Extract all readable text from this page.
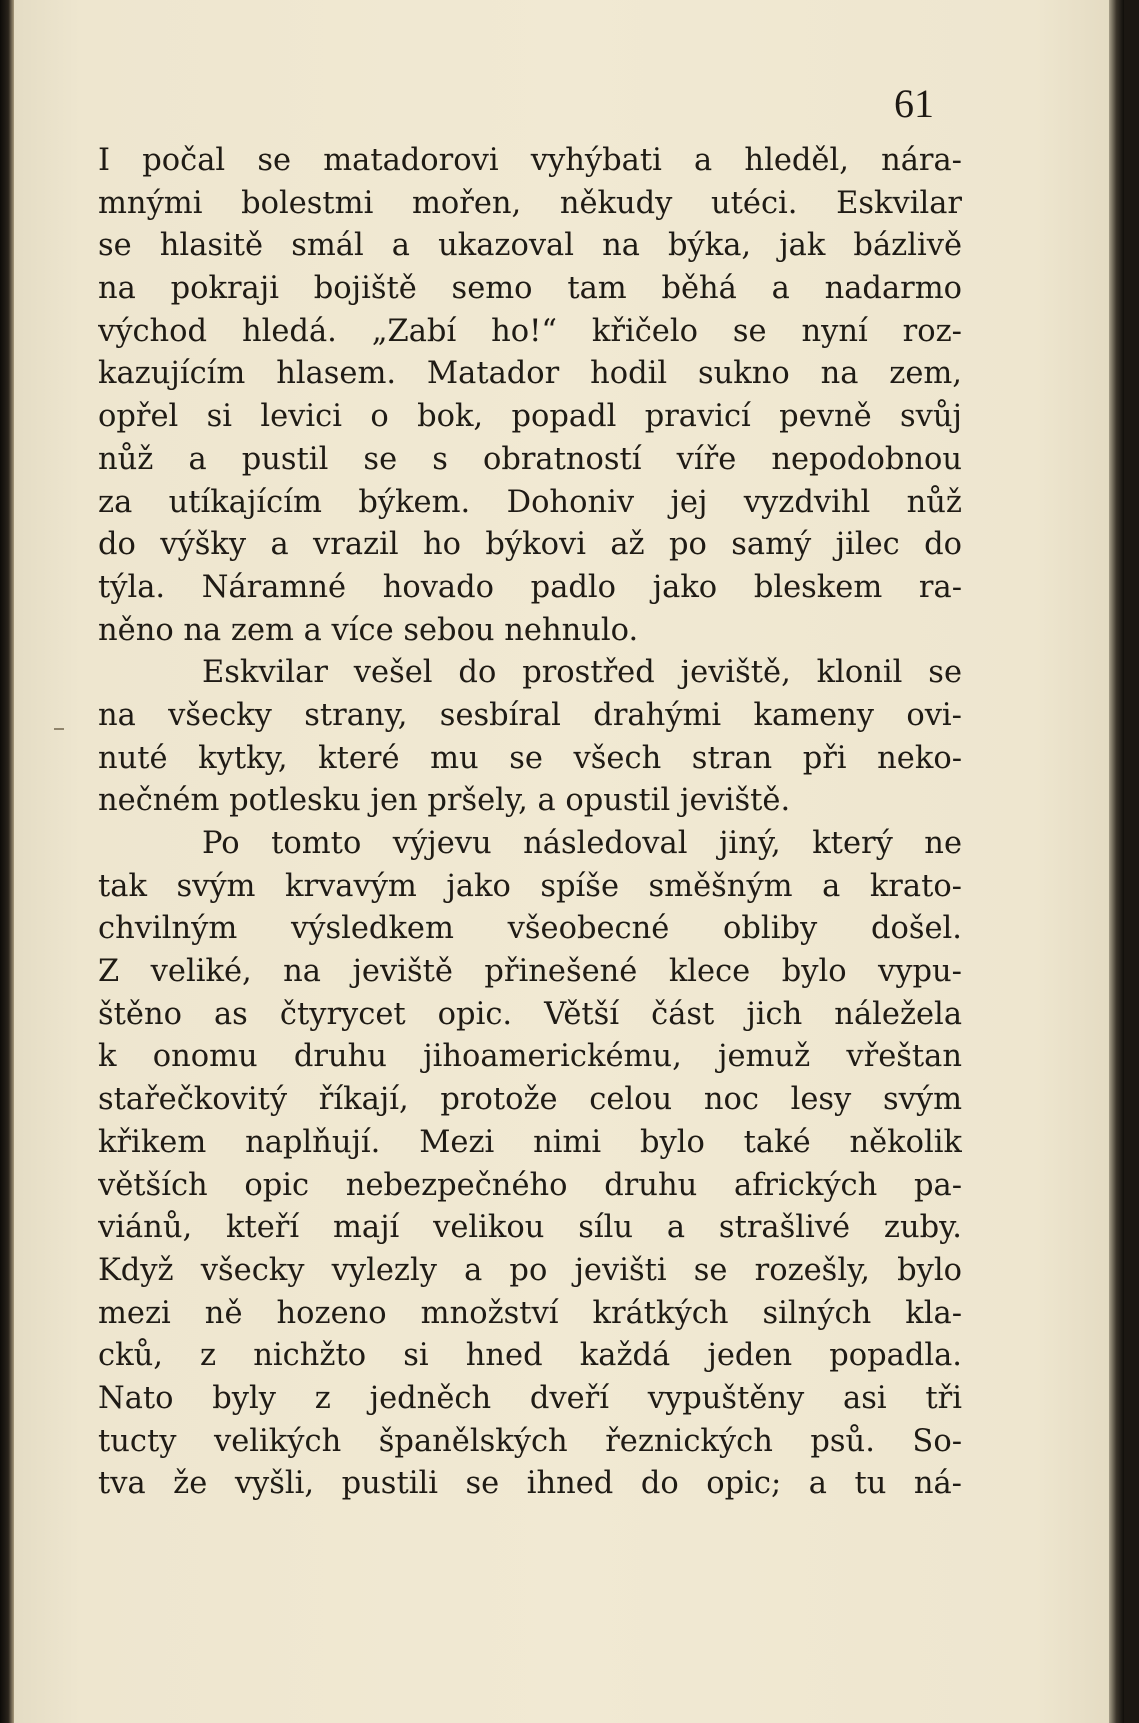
61

I počal se matadorovi vyhýbati a hleděl, nára-
mnými bolestmi mořen, někudy utéci. Eskvilar
se hlasitě smál a ukazoval na býka, jak bázlivě
na pokraji bojiště semo tam běhá a nadarmo
východ hledá. „Zabí ho!“ křičelo se nyní roz-
kazujícím hlasem. Matador hodil sukno na zem,
opřel si levici o bok, popadl pravicí pevně svůj
nůž a pustil se s obratností víře nepodobnou
za utíkajícím býkem. Dohoniv jej vyzdvihl nůž
do výšky a vrazil ho býkovi až po samý jilec do
týla. Náramné hovado padlo jako bleskem ra-
něno na zem a více sebou nehnulo.

Eskvilar vešel do prostřed jeviště, klonil se
na všecky strany, sesbíral drahými kameny ovi-
nuté kytky, které mu se všech stran při neko-
nečném potlesku jen pršely, a opustil jeviště.

Po tomto výjevu následoval jiný, který ne
tak svým krvavým jako spíše směšným a krato-
chvilným výsledkem všeobecné obliby došel.
Z veliké, na jeviště přinešené klece bylo vypu-
štěno as čtyrycet opic. Větší část jich náležela
k onomu druhu jihoamerickému, jemuž vřeštan
stařečkovitý říkají, protože celou noc lesy svým
křikem naplňují. Mezi nimi bylo také několik
větších opic nebezpečného druhu afrických pa-
viánů, kteří mají velikou sílu a strašlivé zuby.
Když všecky vylezly a po jevišti se rozešly, bylo
mezi ně hozeno množství krátkých silných kla-
cků, z nichžto si hned každá jeden popadla.
Nato byly z jedněch dveří vypuštěny asi tři
tucty velikých španělských řeznických psů. So-
tva že vyšli, pustili se ihned do opic; a tu ná-
